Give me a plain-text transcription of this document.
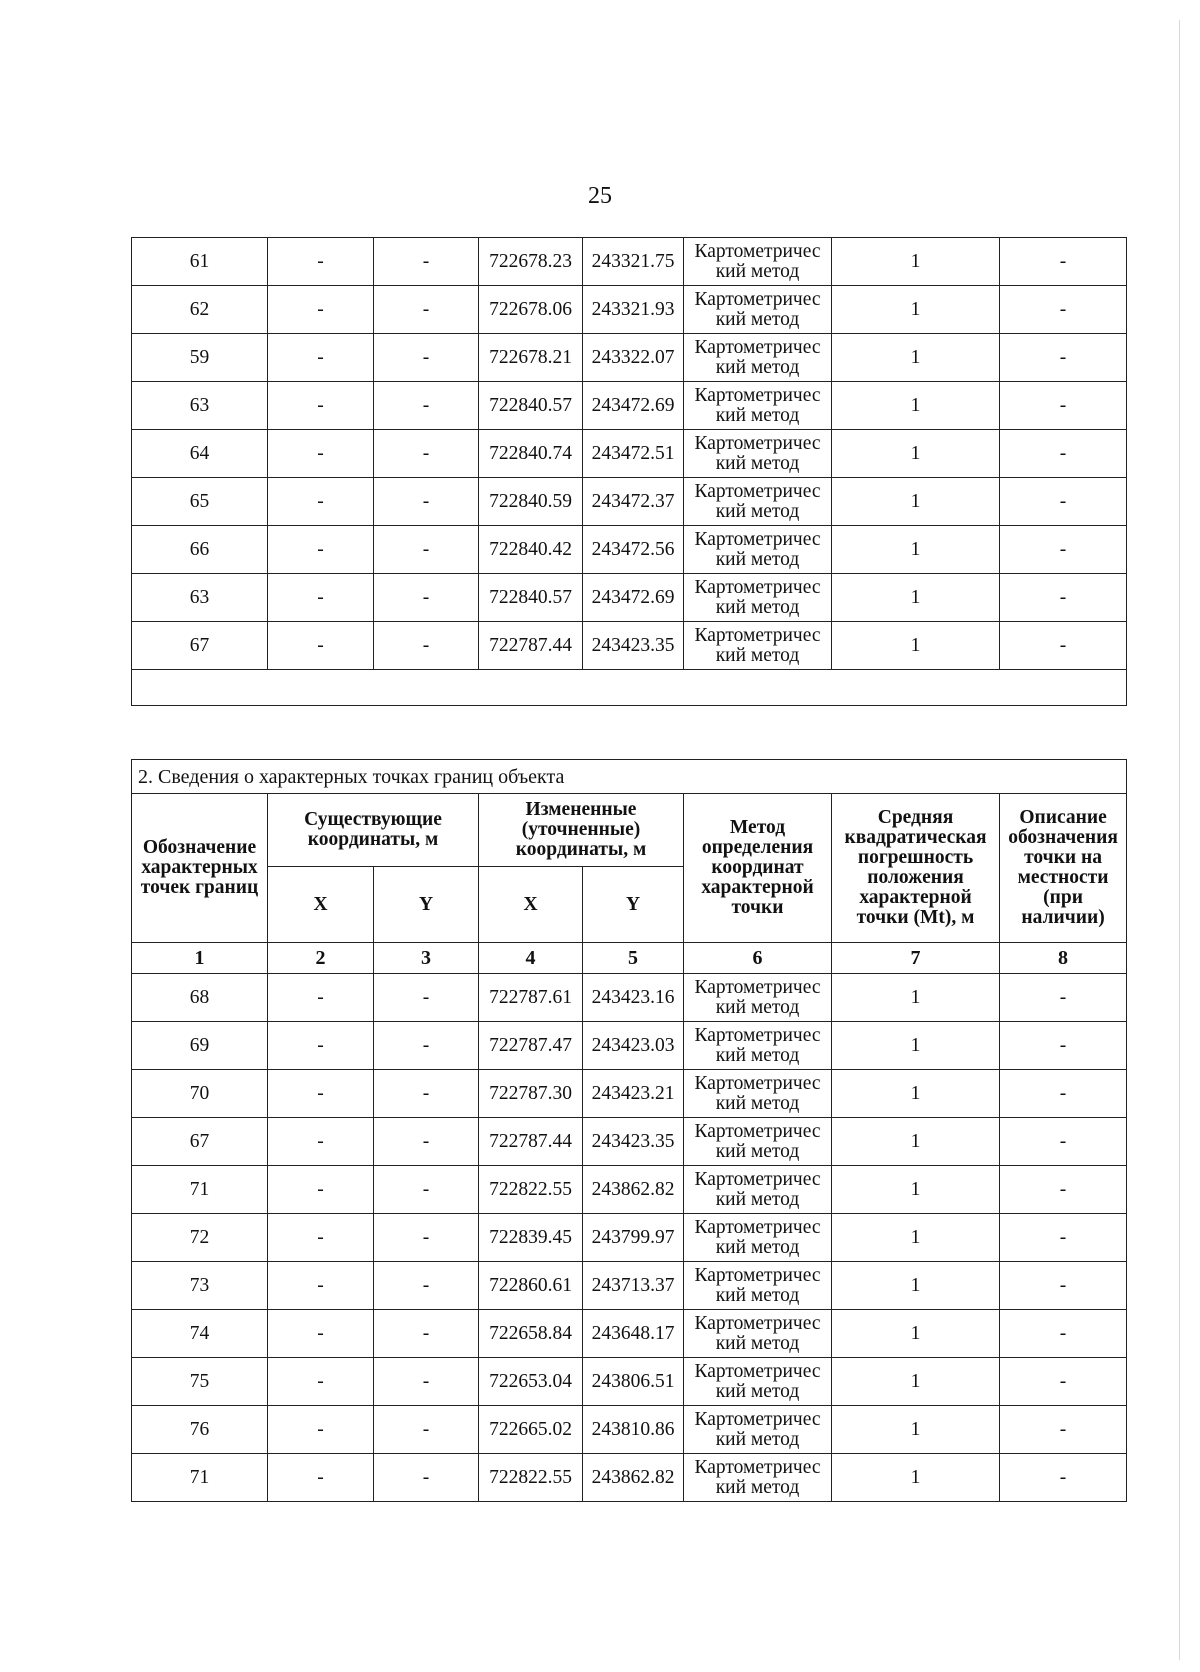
25
61	-	-	722678.23	243321.75	Картометричес кий метод	1	-
62	-	-	722678.06	243321.93	Картометричес кий метод	1	-
59	-	-	722678.21	243322.07	Картометричес кий метод	1	-
63	-	-	722840.57	243472.69	Картометричес кий метод	1	-
64	-	-	722840.74	243472.51	Картометричес кий метод	1	-
65	-	-	722840.59	243472.37	Картометричес кий метод	1	-
66	-	-	722840.42	243472.56	Картометричес кий метод	1	-
63	-	-	722840.57	243472.69	Картометричес кий метод	1	-
67	-	-	722787.44	243423.35	Картометричес кий метод	1	-

2. Сведения о характерных точках границ объекта							
Обозначение характерных точек границ	Существующие координаты, м		Измененные (уточненные) координаты, м		Метод определения координат характерной точки	Средняя квадратическая погрешность положения характерной точки (Mt), м	Описание обозначения точки на местности (при наличии)
	X	Y	X	Y			
1	2	3	4	5	6	7	8
68	-	-	722787.61	243423.16	Картометричес кий метод	1	-
69	-	-	722787.47	243423.03	Картометричес кий метод	1	-
70	-	-	722787.30	243423.21	Картометричес кий метод	1	-
67	-	-	722787.44	243423.35	Картометричес кий метод	1	-
71	-	-	722822.55	243862.82	Картометричес кий метод	1	-
72	-	-	722839.45	243799.97	Картометричес кий метод	1	-
73	-	-	722860.61	243713.37	Картометричес кий метод	1	-
74	-	-	722658.84	243648.17	Картометричес кий метод	1	-
75	-	-	722653.04	243806.51	Картометричес кий метод	1	-
76	-	-	722665.02	243810.86	Картометричес кий метод	1	-
71	-	-	722822.55	243862.82	Картометричес кий метод	1	-
